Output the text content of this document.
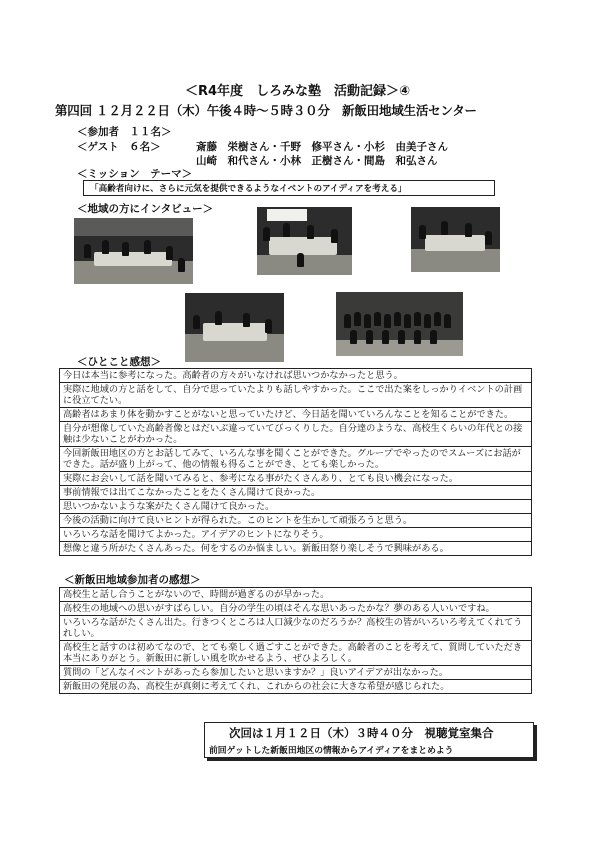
＜R4年度　しろみな塾　活動記録＞④
第四回 １２月２２日（木）午後４時～５時３０分　新飯田地域生活センター
＜参加者　１１名＞
＜ゲスト　６名＞	斎藤　栄樹さん・千野　修平さん・小杉　由美子さん
山崎　和代さん・小林　正樹さん・間島　和弘さん
＜ミッション　テーマ＞
「高齢者向けに、さらに元気を提供できるようなイベントのアイディアを考える」
＜地域の方にインタビュー＞
＜ひとこと感想＞
今日は本当に参考になった。高齢者の方々がいなければ思いつかなかったと思う。
実際に地域の方と話をして、自分で思っていたよりも話しやすかった。ここで出た案をしっかりイベントの計画に役立てたい。
高齢者はあまり体を動かすことがないと思っていたけど、今日話を聞いていろんなことを知ることができた。
自分が想像していた高齢者像とはだいぶ違っていてびっくりした。自分達のような、高校生くらいの年代との接触は少ないことがわかった。
今回新飯田地区の方とお話してみて、いろんな事を聞くことができた。グループでやったのでスムーズにお話ができた。話が盛り上がって、他の情報も得ることができ、とても楽しかった。
実際にお会いして話を聞いてみると、参考になる事がたくさんあり、とても良い機会になった。
事前情報では出てこなかったことをたくさん聞けて良かった。
思いつかないような案がたくさん聞けて良かった。
今後の活動に向けて良いヒントが得られた。このヒントを生かして頑張ろうと思う。
いろいろな話を聞けてよかった。アイデアのヒントになりそう。
想像と違う所がたくさんあった。何をするのか悩ましい。新飯田祭り楽しそうで興味がある。
＜新飯田地域参加者の感想＞
高校生と話し合うことがないので、時間が過ぎるのが早かった。
高校生の地域への思いがすばらしい。自分の学生の頃はそんな思いあったかな？夢のある人いいですね。
いろいろな話がたくさん出た。行きつくところは人口減少なのだろうか？高校生の皆がいろいろ考えてくれてうれしい。
高校生と話すのは初めてなので、とても楽しく過ごすことができた。高齢者のことを考えて、質問していただき本当にありがとう。新飯田に新しい風を吹かせるよう、ぜひよろしく。
質問の「どんなイベントがあったら参加したいと思いますか？」良いアイデアが出なかった。
新飯田の発展の為、高校生が真剣に考えてくれ、これからの社会に大きな希望が感じられた。
次回は１月１２日（木）３時４０分　視聴覚室集合
前回ゲットした新飯田地区の情報からアイディアをまとめよう
